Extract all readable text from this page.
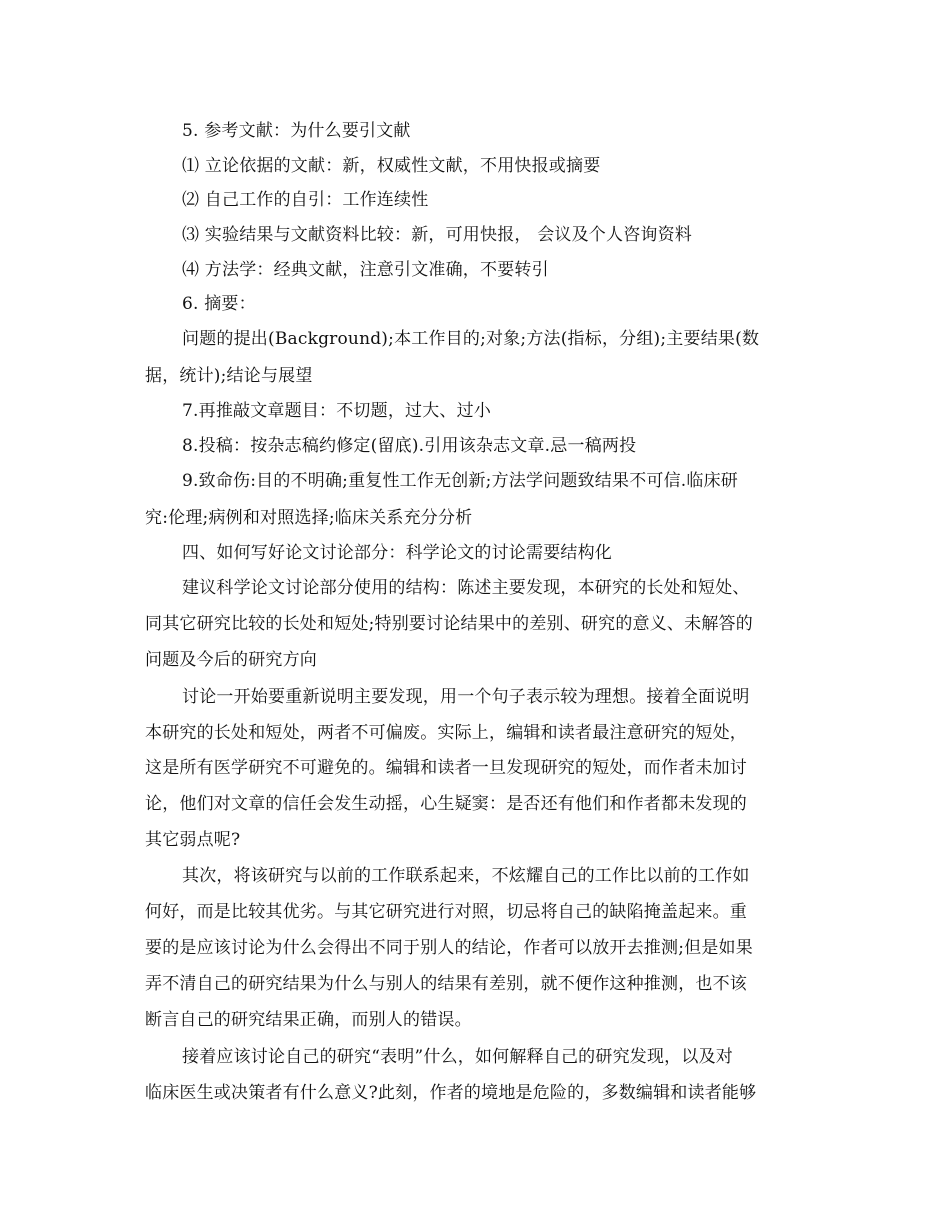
5. 参考文献：为什么要引文献
⑴ 立论依据的文献：新，权威性文献，不用快报或摘要
⑵ 自己工作的自引：工作连续性
⑶ 实验结果与文献资料比较：新，可用快报， 会议及个人咨询资料
⑷ 方法学：经典文献，注意引文准确，不要转引
6. 摘要：
问题的提出(Background);本工作目的;对象;方法(指标，分组);主要结果(数
据，统计);结论与展望
7.再推敲文章题目：不切题，过大、过小
8.投稿：按杂志稿约修定(留底).引用该杂志文章.忌一稿两投
9.致命伤:目的不明确;重复性工作无创新;方法学问题致结果不可信.临床研
究:伦理;病例和对照选择;临床关系充分分析
四、如何写好论文讨论部分：科学论文的讨论需要结构化
建议科学论文讨论部分使用的结构：陈述主要发现，本研究的长处和短处、
同其它研究比较的长处和短处;特别要讨论结果中的差别、研究的意义、未解答的
问题及今后的研究方向
讨论一开始要重新说明主要发现，用一个句子表示较为理想。接着全面说明
本研究的长处和短处，两者不可偏废。实际上，编辑和读者最注意研究的短处，
这是所有医学研究不可避免的。编辑和读者一旦发现研究的短处，而作者未加讨
论，他们对文章的信任会发生动摇，心生疑窦：是否还有他们和作者都未发现的
其它弱点呢?
其次，将该研究与以前的工作联系起来，不炫耀自己的工作比以前的工作如
何好，而是比较其优劣。与其它研究进行对照，切忌将自己的缺陷掩盖起来。重
要的是应该讨论为什么会得出不同于别人的结论，作者可以放开去推测;但是如果
弄不清自己的研究结果为什么与别人的结果有差别，就不便作这种推测，也不该
断言自己的研究结果正确，而别人的错误。
接着应该讨论自己的研究“表明”什么，如何解释自己的研究发现，以及对
临床医生或决策者有什么意义?此刻，作者的境地是危险的，多数编辑和读者能够
